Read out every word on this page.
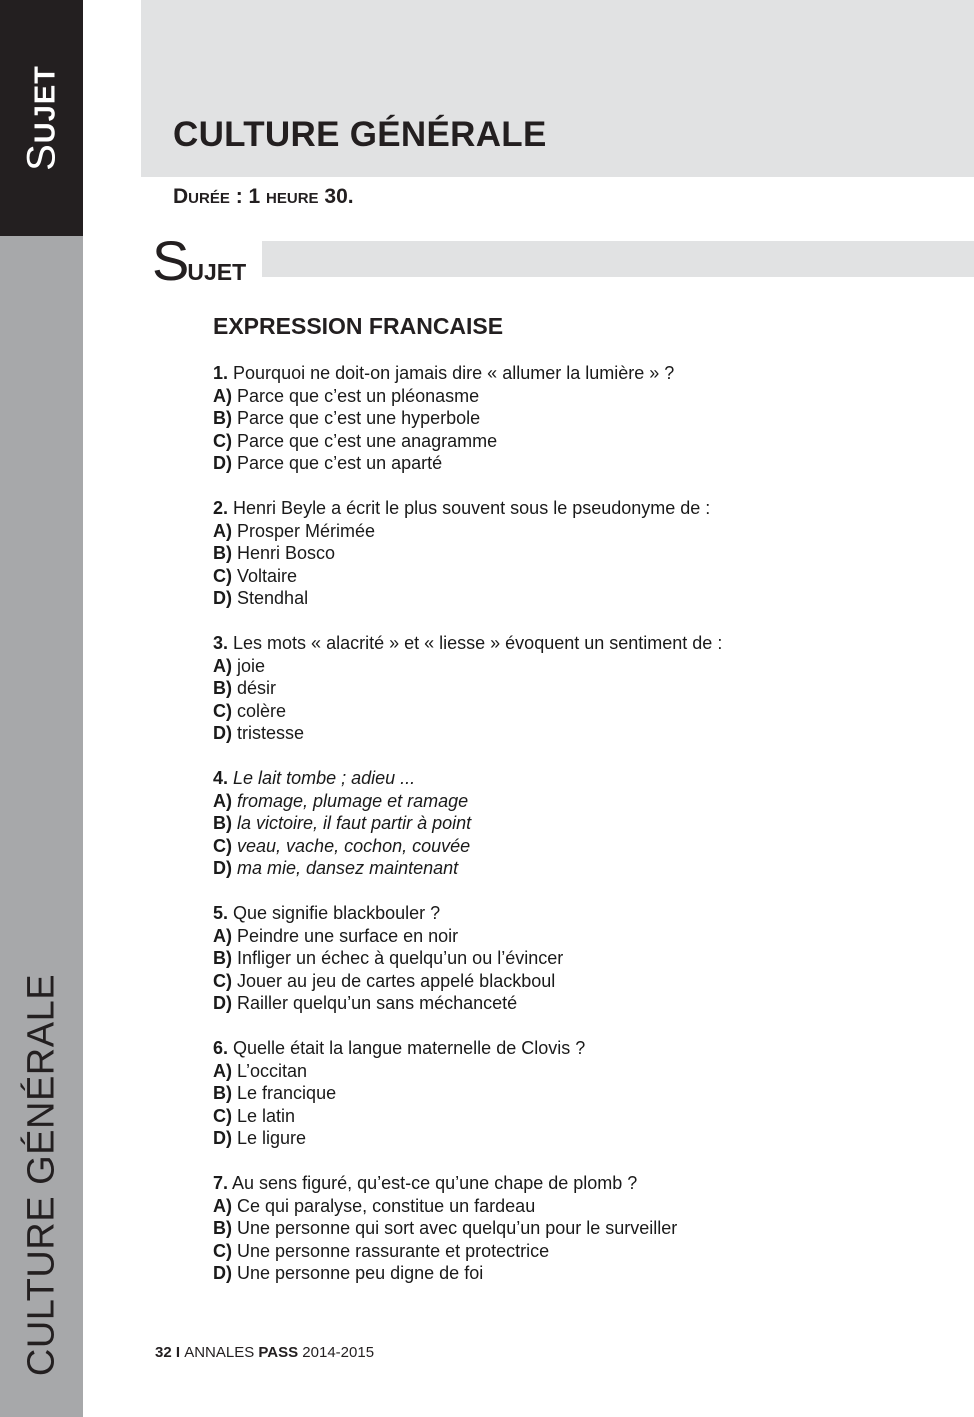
SUJET
CULTURE GÉNÉRALE
CULTURE GÉNÉRALE

DURÉE : 1 HEURE 30.

SUJET
EXPRESSION FRANCAISE
1. Pourquoi ne doit-on jamais dire « allumer la lumière » ?
A) Parce que c’est un pléonasme
B) Parce que c’est une hyperbole
C) Parce que c’est une anagramme
D) Parce que c’est un aparté
2. Henri Beyle a écrit le plus souvent sous le pseudonyme de :
A) Prosper Mérimée
B) Henri Bosco
C) Voltaire
D) Stendhal
3. Les mots « alacrité » et « liesse » évoquent un sentiment de :
A) joie
B) désir
C) colère
D) tristesse
4. Le lait tombe ; adieu ...
A) fromage, plumage et ramage
B) la victoire, il faut partir à point
C) veau, vache, cochon, couvée
D) ma mie, dansez maintenant
5. Que signifie blackbouler ?
A) Peindre une surface en noir
B) Infliger un échec à quelqu’un ou l’évincer
C) Jouer au jeu de cartes appelé blackboul
D) Railler quelqu’un sans méchanceté
6. Quelle était la langue maternelle de Clovis ?
A) L’occitan
B) Le francique
C) Le latin
D) Le ligure
7. Au sens figuré, qu’est-ce qu’une chape de plomb ?
A) Ce qui paralyse, constitue un fardeau
B) Une personne qui sort avec quelqu’un pour le surveiller
C) Une personne rassurante et protectrice
D) Une personne peu digne de foi
32 I ANNALES PASS 2014-2015
